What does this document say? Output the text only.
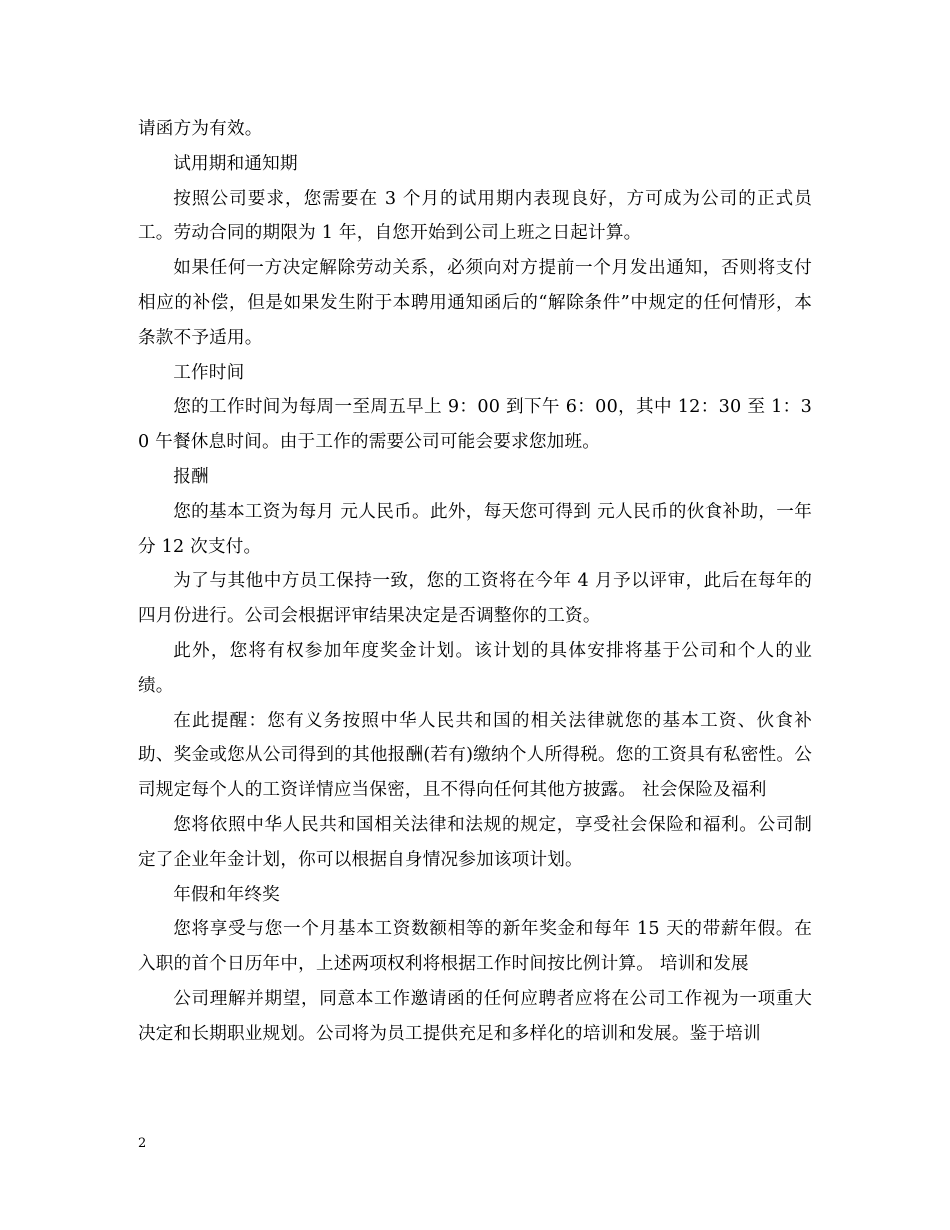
请函方为有效。

试用期和通知期

按照公司要求，您需要在 3 个月的试用期内表现良好，方可成为公司的正式员工。劳动合同的期限为 1 年，自您开始到公司上班之日起计算。

如果任何一方决定解除劳动关系，必须向对方提前一个月发出通知，否则将支付相应的补偿，但是如果发生附于本聘用通知函后的“解除条件”中规定的任何情形，本条款不予适用。

工作时间

您的工作时间为每周一至周五早上 9：00 到下午 6：00，其中 12：30 至 1：30 午餐休息时间。由于工作的需要公司可能会要求您加班。

报酬

您的基本工资为每月 元人民币。此外，每天您可得到 元人民币的伙食补助，一年分 12 次支付。

为了与其他中方员工保持一致，您的工资将在今年 4 月予以评审，此后在每年的四月份进行。公司会根据评审结果决定是否调整你的工资。

此外，您将有权参加年度奖金计划。该计划的具体安排将基于公司和个人的业绩。

在此提醒：您有义务按照中华人民共和国的相关法律就您的基本工资、伙食补助、奖金或您从公司得到的其他报酬(若有)缴纳个人所得税。您的工资具有私密性。公司规定每个人的工资详情应当保密，且不得向任何其他方披露。 社会保险及福利

您将依照中华人民共和国相关法律和法规的规定，享受社会保险和福利。公司制定了企业年金计划，你可以根据自身情况参加该项计划。

年假和年终奖

您将享受与您一个月基本工资数额相等的新年奖金和每年 15 天的带薪年假。在入职的首个日历年中，上述两项权利将根据工作时间按比例计算。 培训和发展

公司理解并期望，同意本工作邀请函的任何应聘者应将在公司工作视为一项重大决定和长期职业规划。公司将为员工提供充足和多样化的培训和发展。鉴于培训

2
